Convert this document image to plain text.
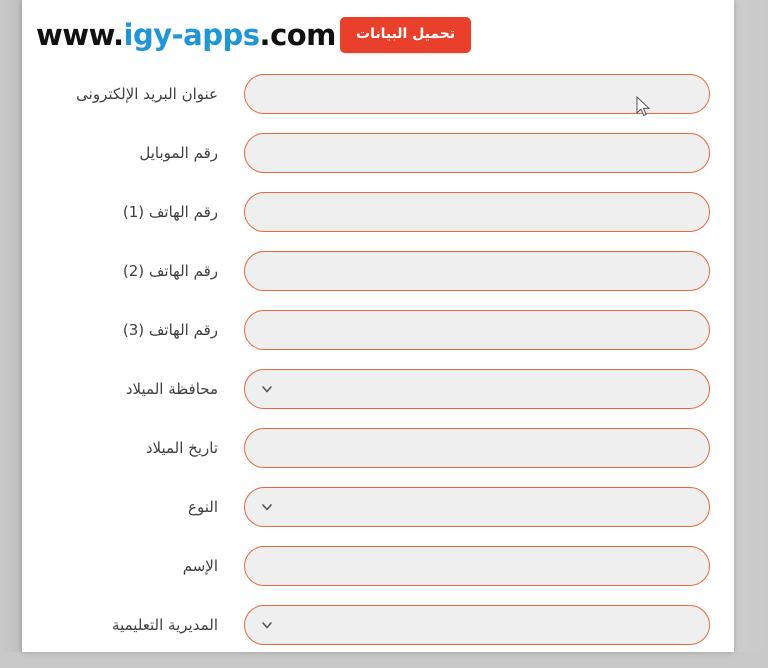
www.igy-apps.com	تحميل البيانات
عنوان البريد الإلكترونى
رقم الموبايل
رقم الهاتف (1)
رقم الهاتف (2)
رقم الهاتف (3)
محافظة الميلاد
تاريخ الميلاد
النوع
الإسم
المديرية التعليمية
